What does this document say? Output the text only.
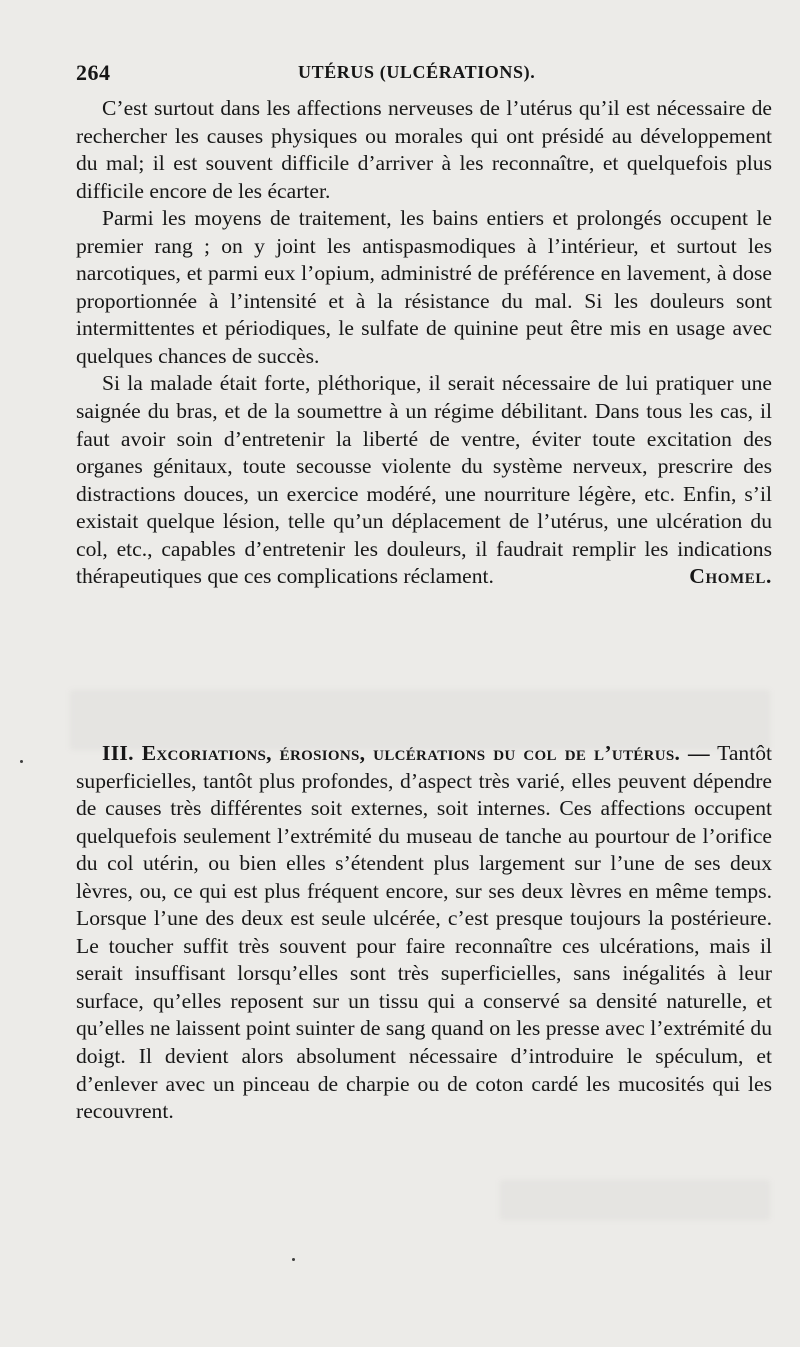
264	UTÉRUS (ULCÉRATIONS).

C’est surtout dans les affections nerveuses de l’utérus qu’il est nécessaire de rechercher les causes physiques ou morales qui ont présidé au développement du mal; il est souvent difficile d’arriver à les reconnaître, et quelquefois plus difficile encore de les écarter.

Parmi les moyens de traitement, les bains entiers et prolongés occupent le premier rang ; on y joint les antispasmodiques à l’intérieur, et surtout les narcotiques, et parmi eux l’opium, administré de préférence en lavement, à dose proportionnée à l’intensité et à la résistance du mal. Si les douleurs sont intermittentes et périodiques, le sulfate de quinine peut être mis en usage avec quelques chances de succès.

Si la malade était forte, pléthorique, il serait nécessaire de lui pratiquer une saignée du bras, et de la soumettre à un régime débilitant. Dans tous les cas, il faut avoir soin d’entretenir la liberté de ventre, éviter toute excitation des organes génitaux, toute secousse violente du système nerveux, prescrire des distractions douces, un exercice modéré, une nourriture légère, etc. Enfin, s’il existait quelque lésion, telle qu’un déplacement de l’utérus, une ulcération du col, etc., capables d’entretenir les douleurs, il faudrait remplir les indications thérapeutiques que ces complications réclament.	Chomel.

III. Excoriations, érosions, ulcérations du col de l’utérus. — Tantôt superficielles, tantôt plus profondes, d’aspect très varié, elles peuvent dépendre de causes très différentes soit externes, soit internes. Ces affections occupent quelquefois seulement l’extrémité du museau de tanche au pourtour de l’orifice du col utérin, ou bien elles s’étendent plus largement sur l’une de ses deux lèvres, ou, ce qui est plus fréquent encore, sur ses deux lèvres en même temps. Lorsque l’une des deux est seule ulcérée, c’est presque toujours la postérieure. Le toucher suffit très souvent pour faire reconnaître ces ulcérations, mais il serait insuffisant lorsqu’elles sont très superficielles, sans inégalités à leur surface, qu’elles reposent sur un tissu qui a conservé sa densité naturelle, et qu’elles ne laissent point suinter de sang quand on les presse avec l’extrémité du doigt. Il devient alors absolument nécessaire d’introduire le spéculum, et d’enlever avec un pinceau de charpie ou de coton cardé les mucosités qui les recouvrent.
